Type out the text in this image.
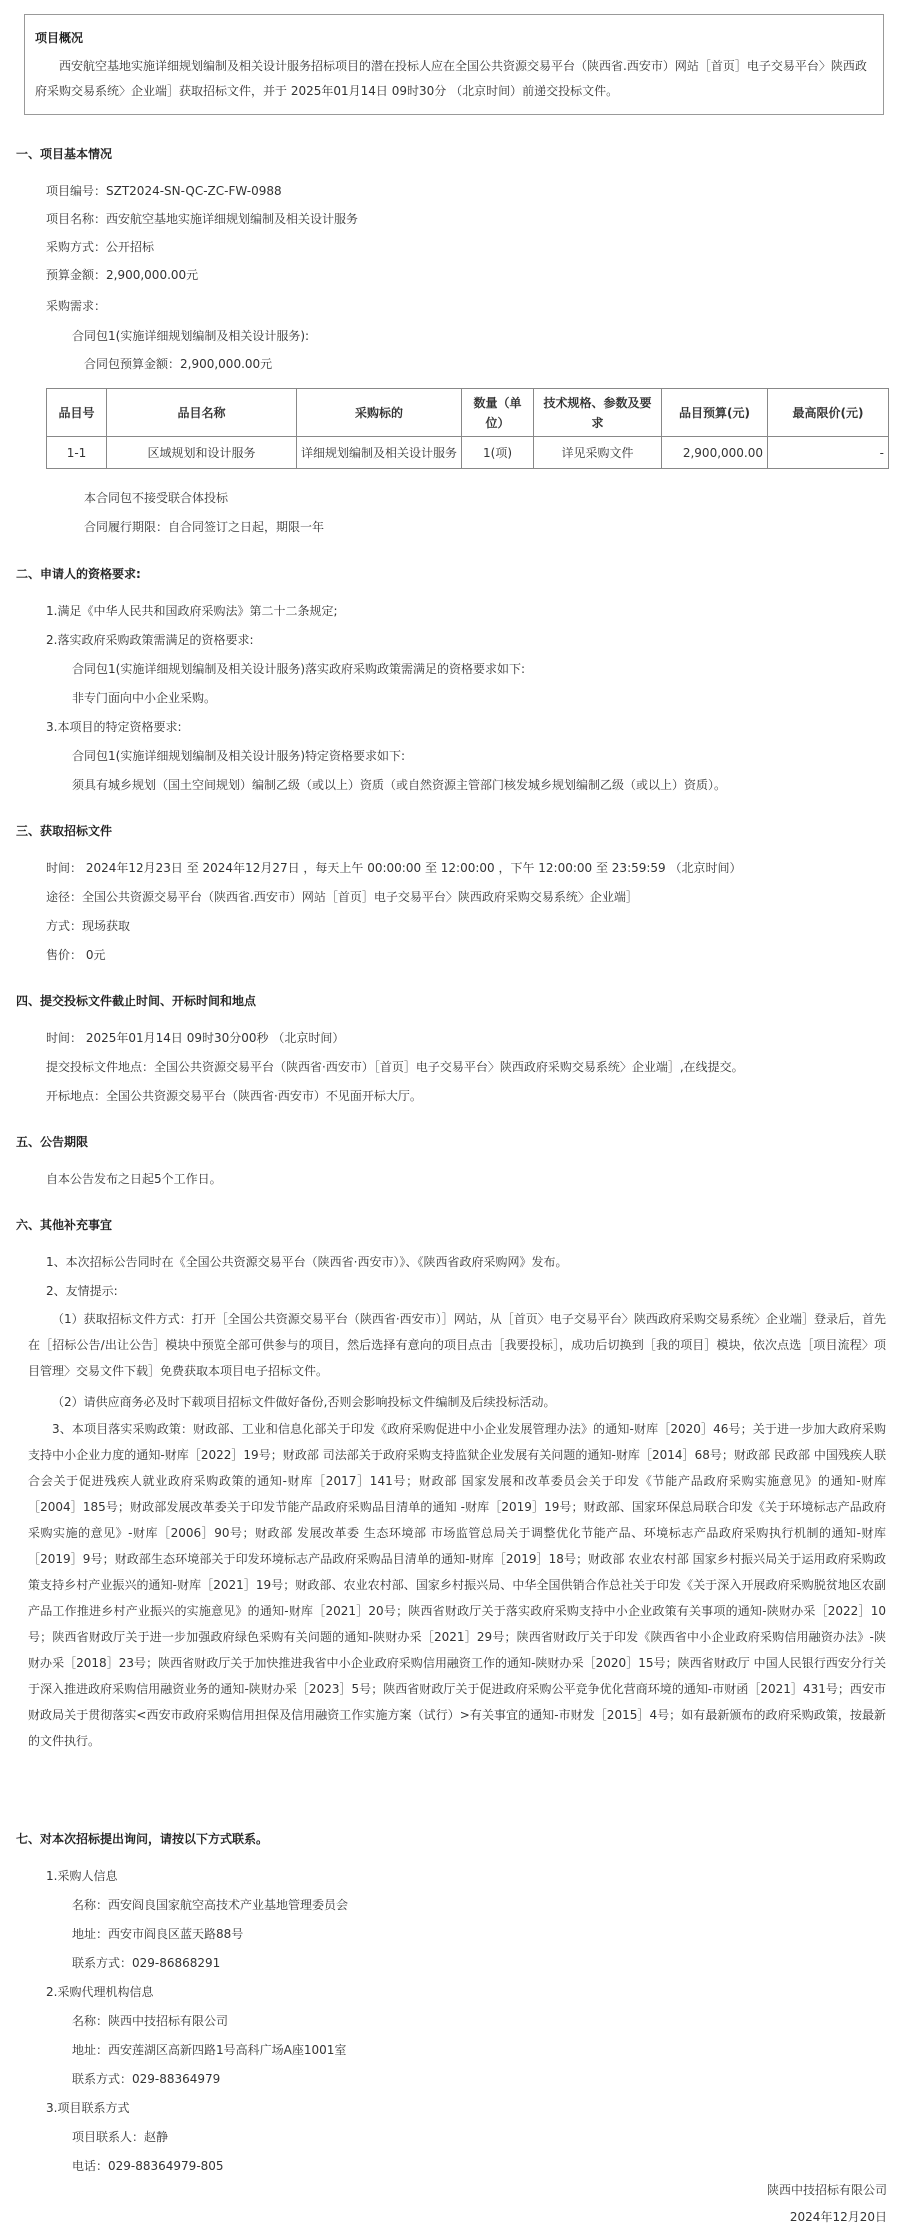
项目概况

西安航空基地实施详细规划编制及相关设计服务招标项目的潜在投标人应在全国公共资源交易平台（陕西省.西安市）网站［首页］电子交易平台〉陕西政府采购交易系统〉企业端］获取招标文件，并于 2025年01月14日 09时30分 （北京时间）前递交投标文件。

一、项目基本情况
项目编号：SZT2024-SN-QC-ZC-FW-0988
项目名称：西安航空基地实施详细规划编制及相关设计服务
采购方式：公开招标
预算金额：2,900,000.00元
采购需求：
合同包1(实施详细规划编制及相关设计服务):
合同包预算金额：2,900,000.00元
品目号	品目名称	采购标的	数量（单位）	技术规格、参数及要求	品目预算(元)	最高限价(元)
1-1	区域规划和设计服务	详细规划编制及相关设计服务	1(项)	详见采购文件	2,900,000.00	-
本合同包不接受联合体投标
合同履行期限：自合同签订之日起，期限一年
二、申请人的资格要求:
1.满足《中华人民共和国政府采购法》第二十二条规定;
2.落实政府采购政策需满足的资格要求:
合同包1(实施详细规划编制及相关设计服务)落实政府采购政策需满足的资格要求如下:
非专门面向中小企业采购。
3.本项目的特定资格要求:
合同包1(实施详细规划编制及相关设计服务)特定资格要求如下:
须具有城乡规划（国土空间规划）编制乙级（或以上）资质（或自然资源主管部门核发城乡规划编制乙级（或以上）资质）。
三、获取招标文件
时间： 2024年12月23日 至 2024年12月27日 ，每天上午 00:00:00 至 12:00:00 ，下午 12:00:00 至 23:59:59 （北京时间）
途径：全国公共资源交易平台（陕西省.西安市）网站［首页］电子交易平台〉陕西政府采购交易系统〉企业端］
方式：现场获取
售价： 0元
四、提交投标文件截止时间、开标时间和地点
时间： 2025年01月14日 09时30分00秒 （北京时间）
提交投标文件地点：全国公共资源交易平台（陕西省·西安市）［首页］电子交易平台〉陕西政府采购交易系统〉企业端］,在线提交。
开标地点：全国公共资源交易平台（陕西省·西安市）不见面开标大厅。
五、公告期限
自本公告发布之日起5个工作日。
六、其他补充事宜
1、本次招标公告同时在《全国公共资源交易平台（陕西省·西安市）》、《陕西省政府采购网》发布。
2、友情提示:

（1）获取招标文件方式：打开［全国公共资源交易平台（陕西省·西安市）］网站，从［首页〉电子交易平台〉陕西政府采购交易系统〉企业端］登录后，首先在［招标公告/出让公告］模块中预览全部可供参与的项目，然后选择有意向的项目点击［我要投标］，成功后切换到［我的项目］模块，依次点选［项目流程〉项目管理〉交易文件下载］免费获取本项目电子招标文件。

（2）请供应商务必及时下载项目招标文件做好备份,否则会影响投标文件编制及后续投标活动。

3、本项目落实采购政策：财政部、工业和信息化部关于印发《政府采购促进中小企业发展管理办法》的通知-财库［2020］46号；关于进一步加大政府采购支持中小企业力度的通知-财库［2022］19号；财政部 司法部关于政府采购支持监狱企业发展有关问题的通知-财库［2014］68号；财政部 民政部 中国残疾人联合会关于促进残疾人就业政府采购政策的通知-财库［2017］141号；财政部 国家发展和改革委员会关于印发《节能产品政府采购实施意见》的通知-财库［2004］185号；财政部发展改革委关于印发节能产品政府采购品目清单的通知 -财库［2019］19号；财政部、国家环保总局联合印发《关于环境标志产品政府采购实施的意见》-财库［2006］90号；财政部 发展改革委 生态环境部 市场监管总局关于调整优化节能产品、环境标志产品政府采购执行机制的通知-财库［2019］9号；财政部生态环境部关于印发环境标志产品政府采购品目清单的通知-财库［2019］18号；财政部 农业农村部 国家乡村振兴局关于运用政府采购政策支持乡村产业振兴的通知-财库［2021］19号；财政部、农业农村部、国家乡村振兴局、中华全国供销合作总社关于印发《关于深入开展政府采购脱贫地区农副产品工作推进乡村产业振兴的实施意见》的通知-财库［2021］20号；陕西省财政厅关于落实政府采购支持中小企业政策有关事项的通知-陕财办采［2022］10号；陕西省财政厅关于进一步加强政府绿色采购有关问题的通知-陕财办采［2021］29号；陕西省财政厅关于印发《陕西省中小企业政府采购信用融资办法》-陕财办采［2018］23号；陕西省财政厅关于加快推进我省中小企业政府采购信用融资工作的通知-陕财办采［2020］15号；陕西省财政厅 中国人民银行西安分行关于深入推进政府采购信用融资业务的通知-陕财办采［2023］5号；陕西省财政厅关于促进政府采购公平竞争优化营商环境的通知-市财函［2021］431号；西安市财政局关于贯彻落实<西安市政府采购信用担保及信用融资工作实施方案（试行）>有关事宜的通知-市财发［2015］4号；如有最新颁布的政府采购政策，按最新的文件执行。

七、对本次招标提出询问，请按以下方式联系。
1.采购人信息
名称：西安阎良国家航空高技术产业基地管理委员会
地址：西安市阎良区蓝天路88号
联系方式：029-86868291
2.采购代理机构信息
名称：陕西中技招标有限公司
地址：西安莲湖区高新四路1号高科广场A座1001室
联系方式：029-88364979
3.项目联系方式
项目联系人：赵静
电话：029-88364979-805
陕西中技招标有限公司
2024年12月20日
